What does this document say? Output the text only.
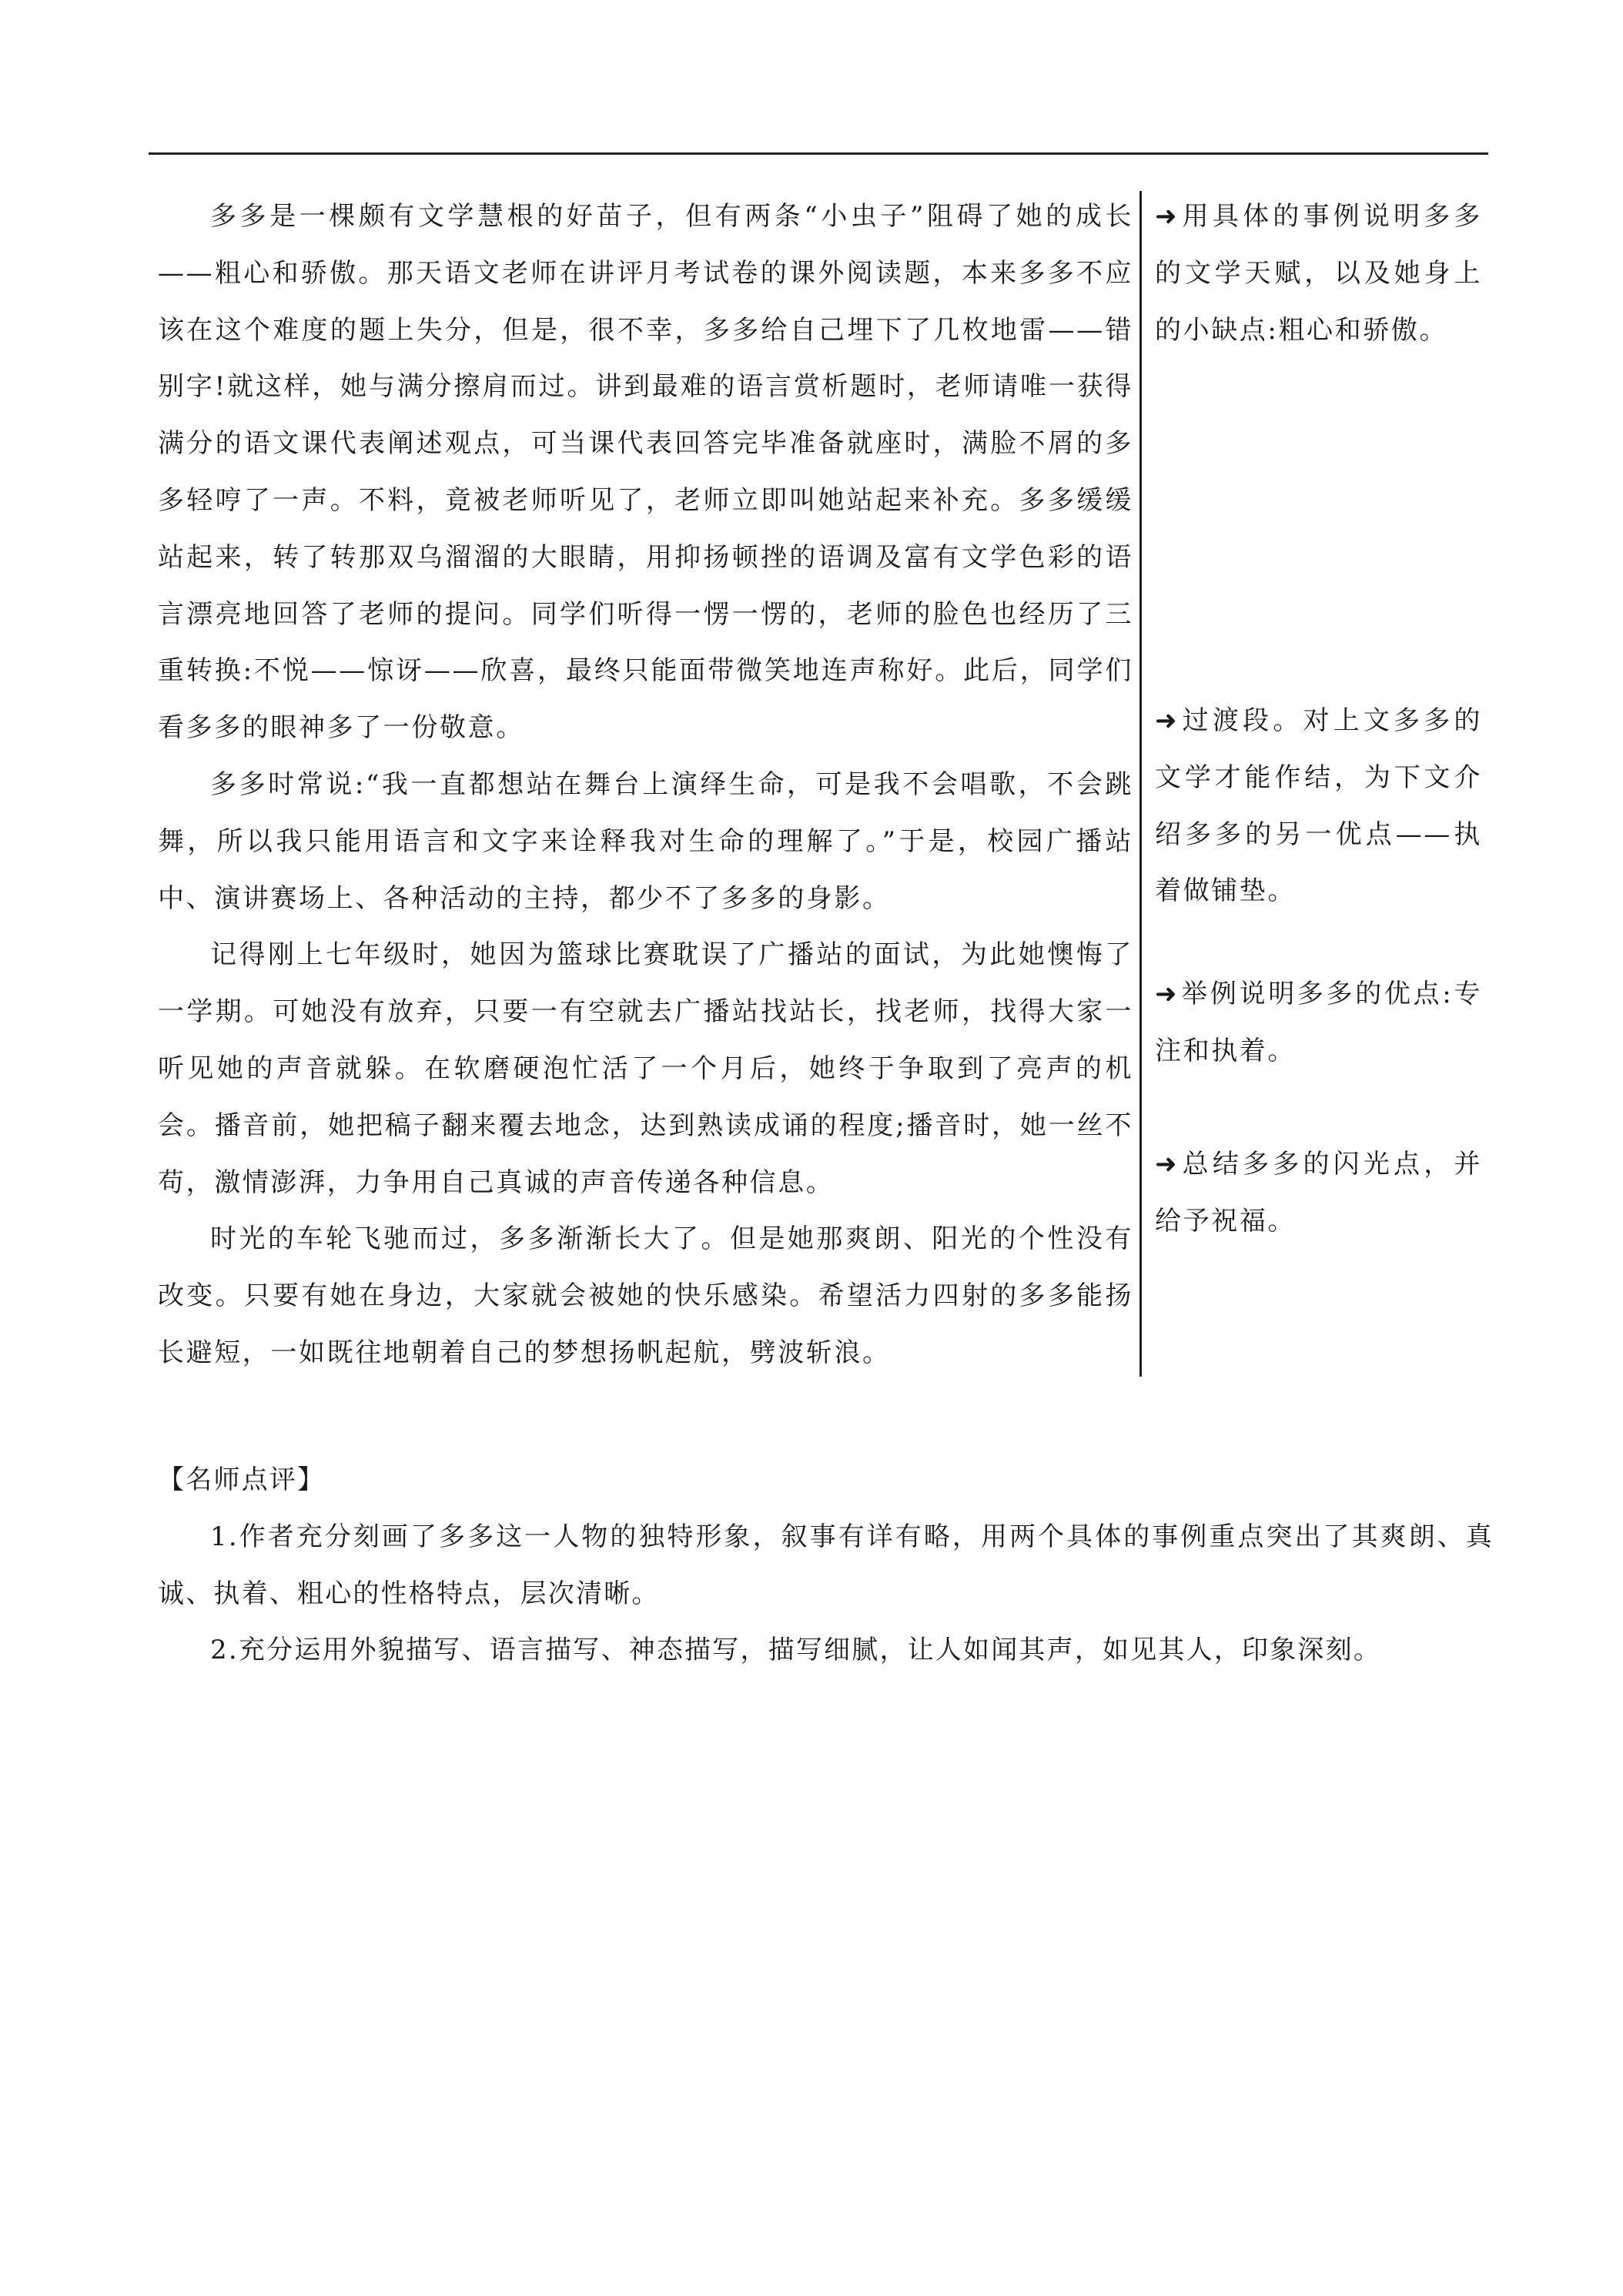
多多是一棵颇有文学慧根的好苗子，但有两条“小虫子”阻碍了她的成长——粗心和骄傲。那天语文老师在讲评月考试卷的课外阅读题，本来多多不应该在这个难度的题上失分，但是，很不幸，多多给自己埋下了几枚地雷——错别字!就这样，她与满分擦肩而过。讲到最难的语言赏析题时，老师请唯一获得满分的语文课代表阐述观点，可当课代表回答完毕准备就座时，满脸不屑的多多轻哼了一声。不料，竟被老师听见了，老师立即叫她站起来补充。多多缓缓站起来，转了转那双乌溜溜的大眼睛，用抑扬顿挫的语调及富有文学色彩的语言漂亮地回答了老师的提问。同学们听得一愣一愣的，老师的脸色也经历了三重转换:不悦——惊讶——欣喜，最终只能面带微笑地连声称好。此后，同学们看多多的眼神多了一份敬意。

多多时常说:“我一直都想站在舞台上演绎生命，可是我不会唱歌，不会跳舞，所以我只能用语言和文字来诠释我对生命的理解了。”于是，校园广播站中、演讲赛场上、各种活动的主持，都少不了多多的身影。

记得刚上七年级时，她因为篮球比赛耽误了广播站的面试，为此她懊悔了一学期。可她没有放弃，只要一有空就去广播站找站长，找老师，找得大家一听见她的声音就躲。在软磨硬泡忙活了一个月后，她终于争取到了亮声的机会。播音前，她把稿子翻来覆去地念，达到熟读成诵的程度;播音时，她一丝不苟，激情澎湃，力争用自己真诚的声音传递各种信息。

时光的车轮飞驰而过，多多渐渐长大了。但是她那爽朗、阳光的个性没有改变。只要有她在身边，大家就会被她的快乐感染。希望活力四射的多多能扬长避短，一如既往地朝着自己的梦想扬帆起航，劈波斩浪。

➜用具体的事例说明多多的文学天赋，以及她身上的小缺点:粗心和骄傲。
➜过渡段。对上文多多的文学才能作结，为下文介绍多多的另一优点——执着做铺垫。
➜举例说明多多的优点:专注和执着。
➜总结多多的闪光点，并给予祝福。

【名师点评】

1.作者充分刻画了多多这一人物的独特形象，叙事有详有略，用两个具体的事例重点突出了其爽朗、真诚、执着、粗心的性格特点，层次清晰。

2.充分运用外貌描写、语言描写、神态描写，描写细腻，让人如闻其声，如见其人，印象深刻。
